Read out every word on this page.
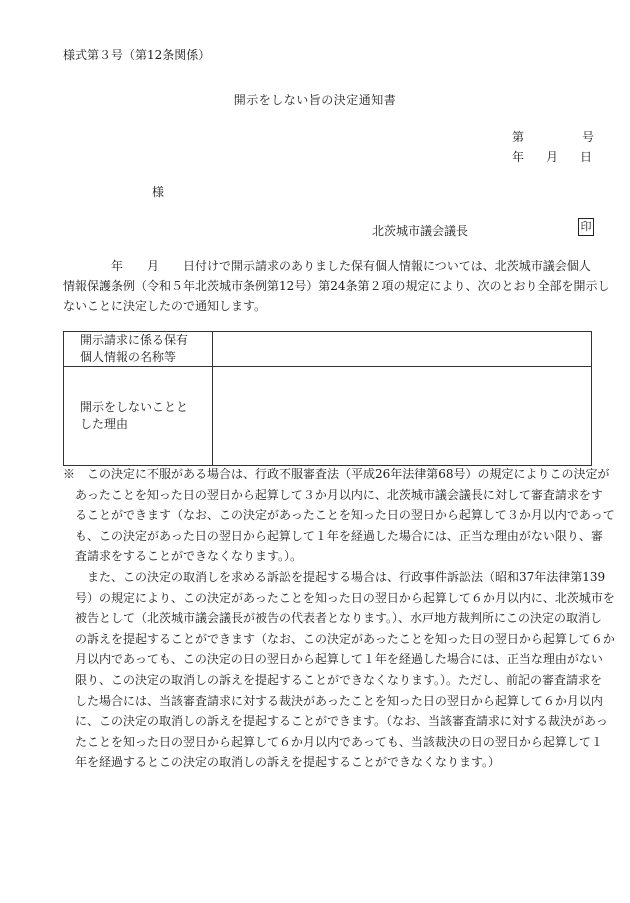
様式第３号（第12条関係）
開示をしない旨の決定通知書
第	号
年 月 日
様
北茨城市議会議長	印

　　　　年　　月　　日付けで開示請求のありました保有個人情報については、北茨城市議会個人

情報保護条例（令和５年北茨城市条例第12号）第24条第２項の規定により、次のとおり全部を開示し

ないことに決定したので通知します。

開示請求に係る保有
個人情報の名称等	

開示をしないことと
した理由	

※　この決定に不服がある場合は、行政不服審査法（平成26年法律第68号）の規定によりこの決定が

　あったことを知った日の翌日から起算して３か月以内に、北茨城市議会議長に対して審査請求をす

　ることができます（なお、この決定があったことを知った日の翌日から起算して３か月以内であって

　も、この決定があった日の翌日から起算して１年を経過した場合には、正当な理由がない限り、審

　査請求をすることができなくなります。）。

　　また、この決定の取消しを求める訴訟を提起する場合は、行政事件訴訟法（昭和37年法律第139

　号）の規定により、この決定があったことを知った日の翌日から起算して６か月以内に、北茨城市を

　被告として（北茨城市議会議長が被告の代表者となります。）、水戸地方裁判所にこの決定の取消し

　の訴えを提起することができます（なお、この決定があったことを知った日の翌日から起算して６か

　月以内であっても、この決定の日の翌日から起算して１年を経過した場合には、正当な理由がない

　限り、この決定の取消しの訴えを提起することができなくなります。）。ただし、前記の審査請求を

　した場合には、当該審査請求に対する裁決があったことを知った日の翌日から起算して６か月以内

　に、この決定の取消しの訴えを提起することができます。（なお、当該審査請求に対する裁決があっ

　たことを知った日の翌日から起算して６か月以内であっても、当該裁決の日の翌日から起算して１

　年を経過するとこの決定の取消しの訴えを提起することができなくなります。）
